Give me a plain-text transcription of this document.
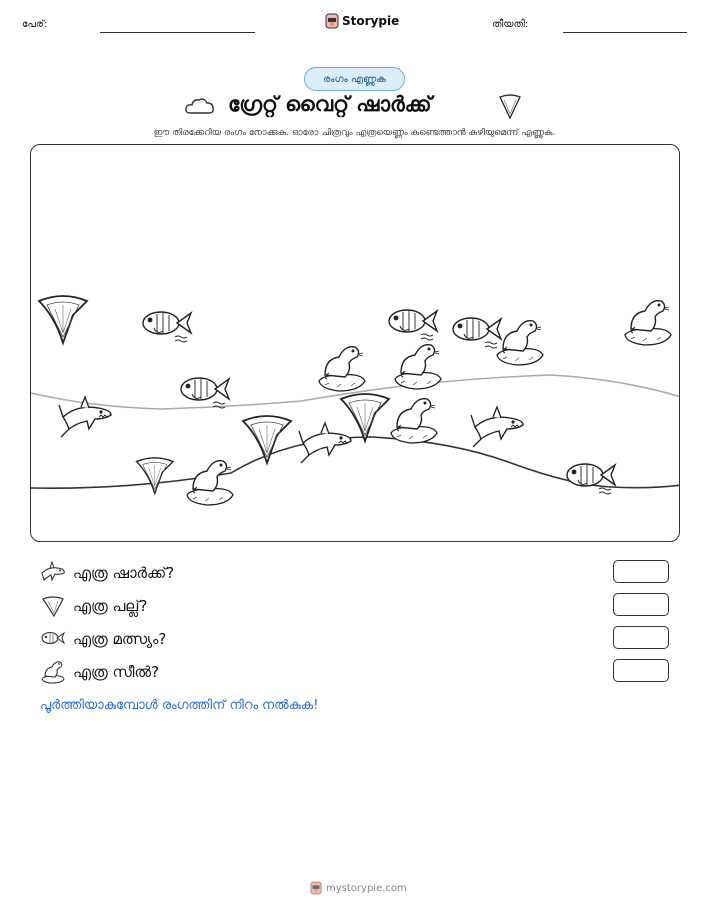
പേര്:	Storypie	തീയതി:
രംഗം എണ്ണുക
ഗ്രേറ്റ് വൈറ്റ് ഷാർക്ക്
ഈ തിരക്കേറിയ രംഗം നോക്കുക. ഓരോ ചിത്രവും എത്രയെണ്ണം കണ്ടെത്താൻ കഴിയുമെന്ന് എണ്ണുക.
എത്ര ഷാർക്ക്?
എത്ര പല്ല്?
എത്ര മത്സ്യം?
എത്ര സീൽ?
പൂർത്തിയാകുമ്പോൾ രംഗത്തിന് നിറം നൽകുക!
mystorypie.com
